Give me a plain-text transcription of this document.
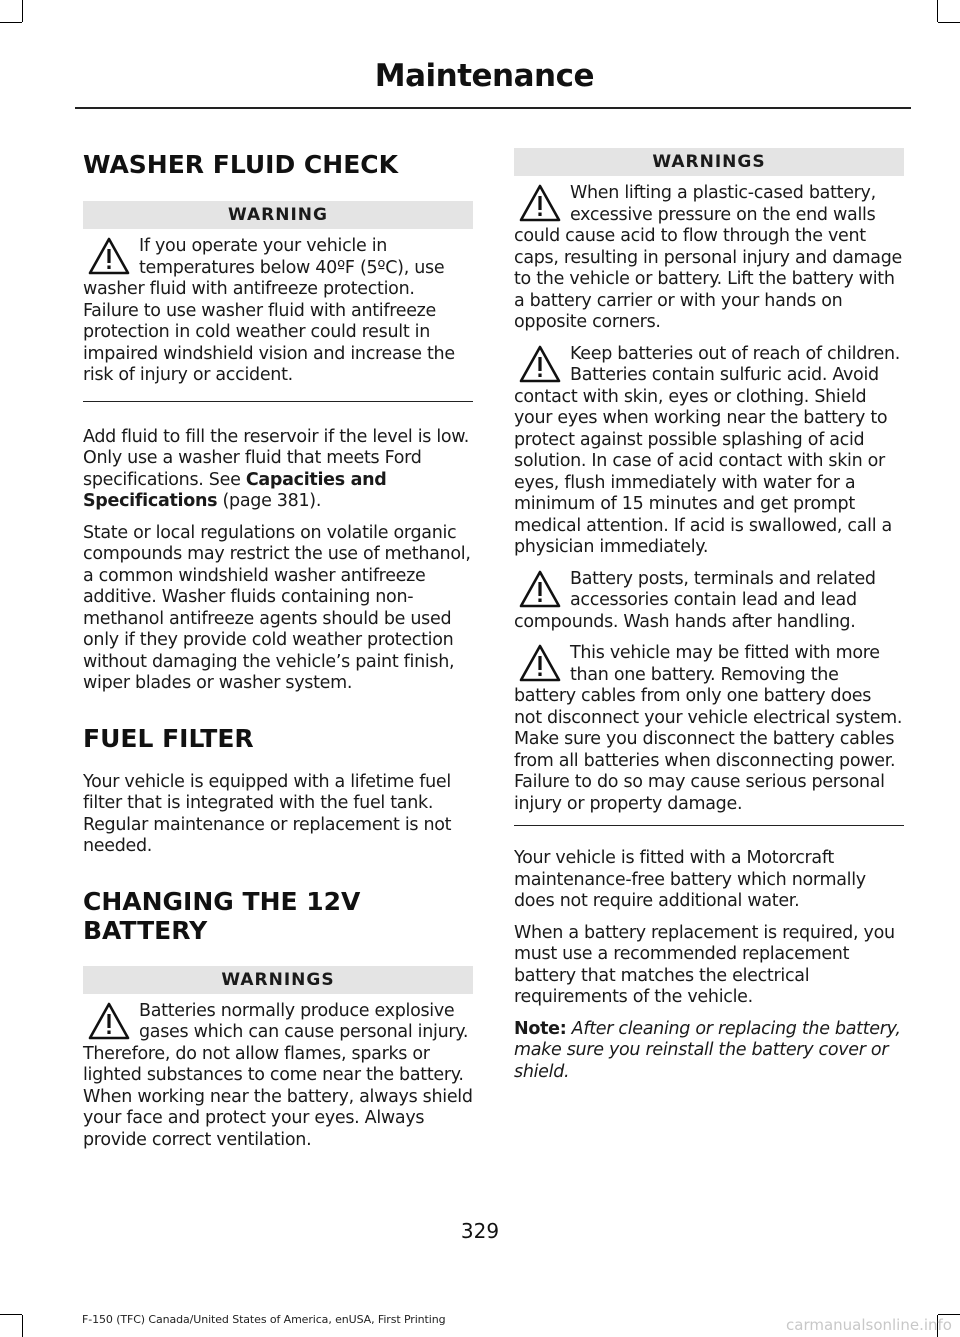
Maintenance
WASHER FLUID CHECK
WARNING
If you operate your vehicle in temperatures below 40ºF (5ºC), use washer fluid with antifreeze protection. Failure to use washer fluid with antifreeze protection in cold weather could result in impaired windshield vision and increase the risk of injury or accident.

Add fluid to fill the reservoir if the level is low. Only use a washer fluid that meets Ford specifications. See Capacities and Specifications (page 381).

State or local regulations on volatile organic compounds may restrict the use of methanol, a common windshield washer antifreeze additive. Washer fluids containing non-methanol antifreeze agents should be used only if they provide cold weather protection without damaging the vehicle’s paint finish, wiper blades or washer system.

FUEL FILTER

Your vehicle is equipped with a lifetime fuel filter that is integrated with the fuel tank. Regular maintenance or replacement is not needed.

CHANGING THE 12V BATTERY
WARNINGS
Batteries normally produce explosive gases which can cause personal injury. Therefore, do not allow flames, sparks or lighted substances to come near the battery. When working near the battery, always shield your face and protect your eyes. Always provide correct ventilation.
WARNINGS
When lifting a plastic-cased battery, excessive pressure on the end walls could cause acid to flow through the vent caps, resulting in personal injury and damage to the vehicle or battery. Lift the battery with a battery carrier or with your hands on opposite corners.
Keep batteries out of reach of children. Batteries contain sulfuric acid. Avoid contact with skin, eyes or clothing. Shield your eyes when working near the battery to protect against possible splashing of acid solution. In case of acid contact with skin or eyes, flush immediately with water for a minimum of 15 minutes and get prompt medical attention. If acid is swallowed, call a physician immediately.
Battery posts, terminals and related accessories contain lead and lead compounds. Wash hands after handling.
This vehicle may be fitted with more than one battery. Removing the battery cables from only one battery does not disconnect your vehicle electrical system. Make sure you disconnect the battery cables from all batteries when disconnecting power. Failure to do so may cause serious personal injury or property damage.

Your vehicle is fitted with a Motorcraft maintenance-free battery which normally does not require additional water.

When a battery replacement is required, you must use a recommended replacement battery that matches the electrical requirements of the vehicle.

Note: After cleaning or replacing the battery, make sure you reinstall the battery cover or shield.

329
F-150 (TFC) Canada/United States of America, enUSA, First Printing	carmanualsonline.info
